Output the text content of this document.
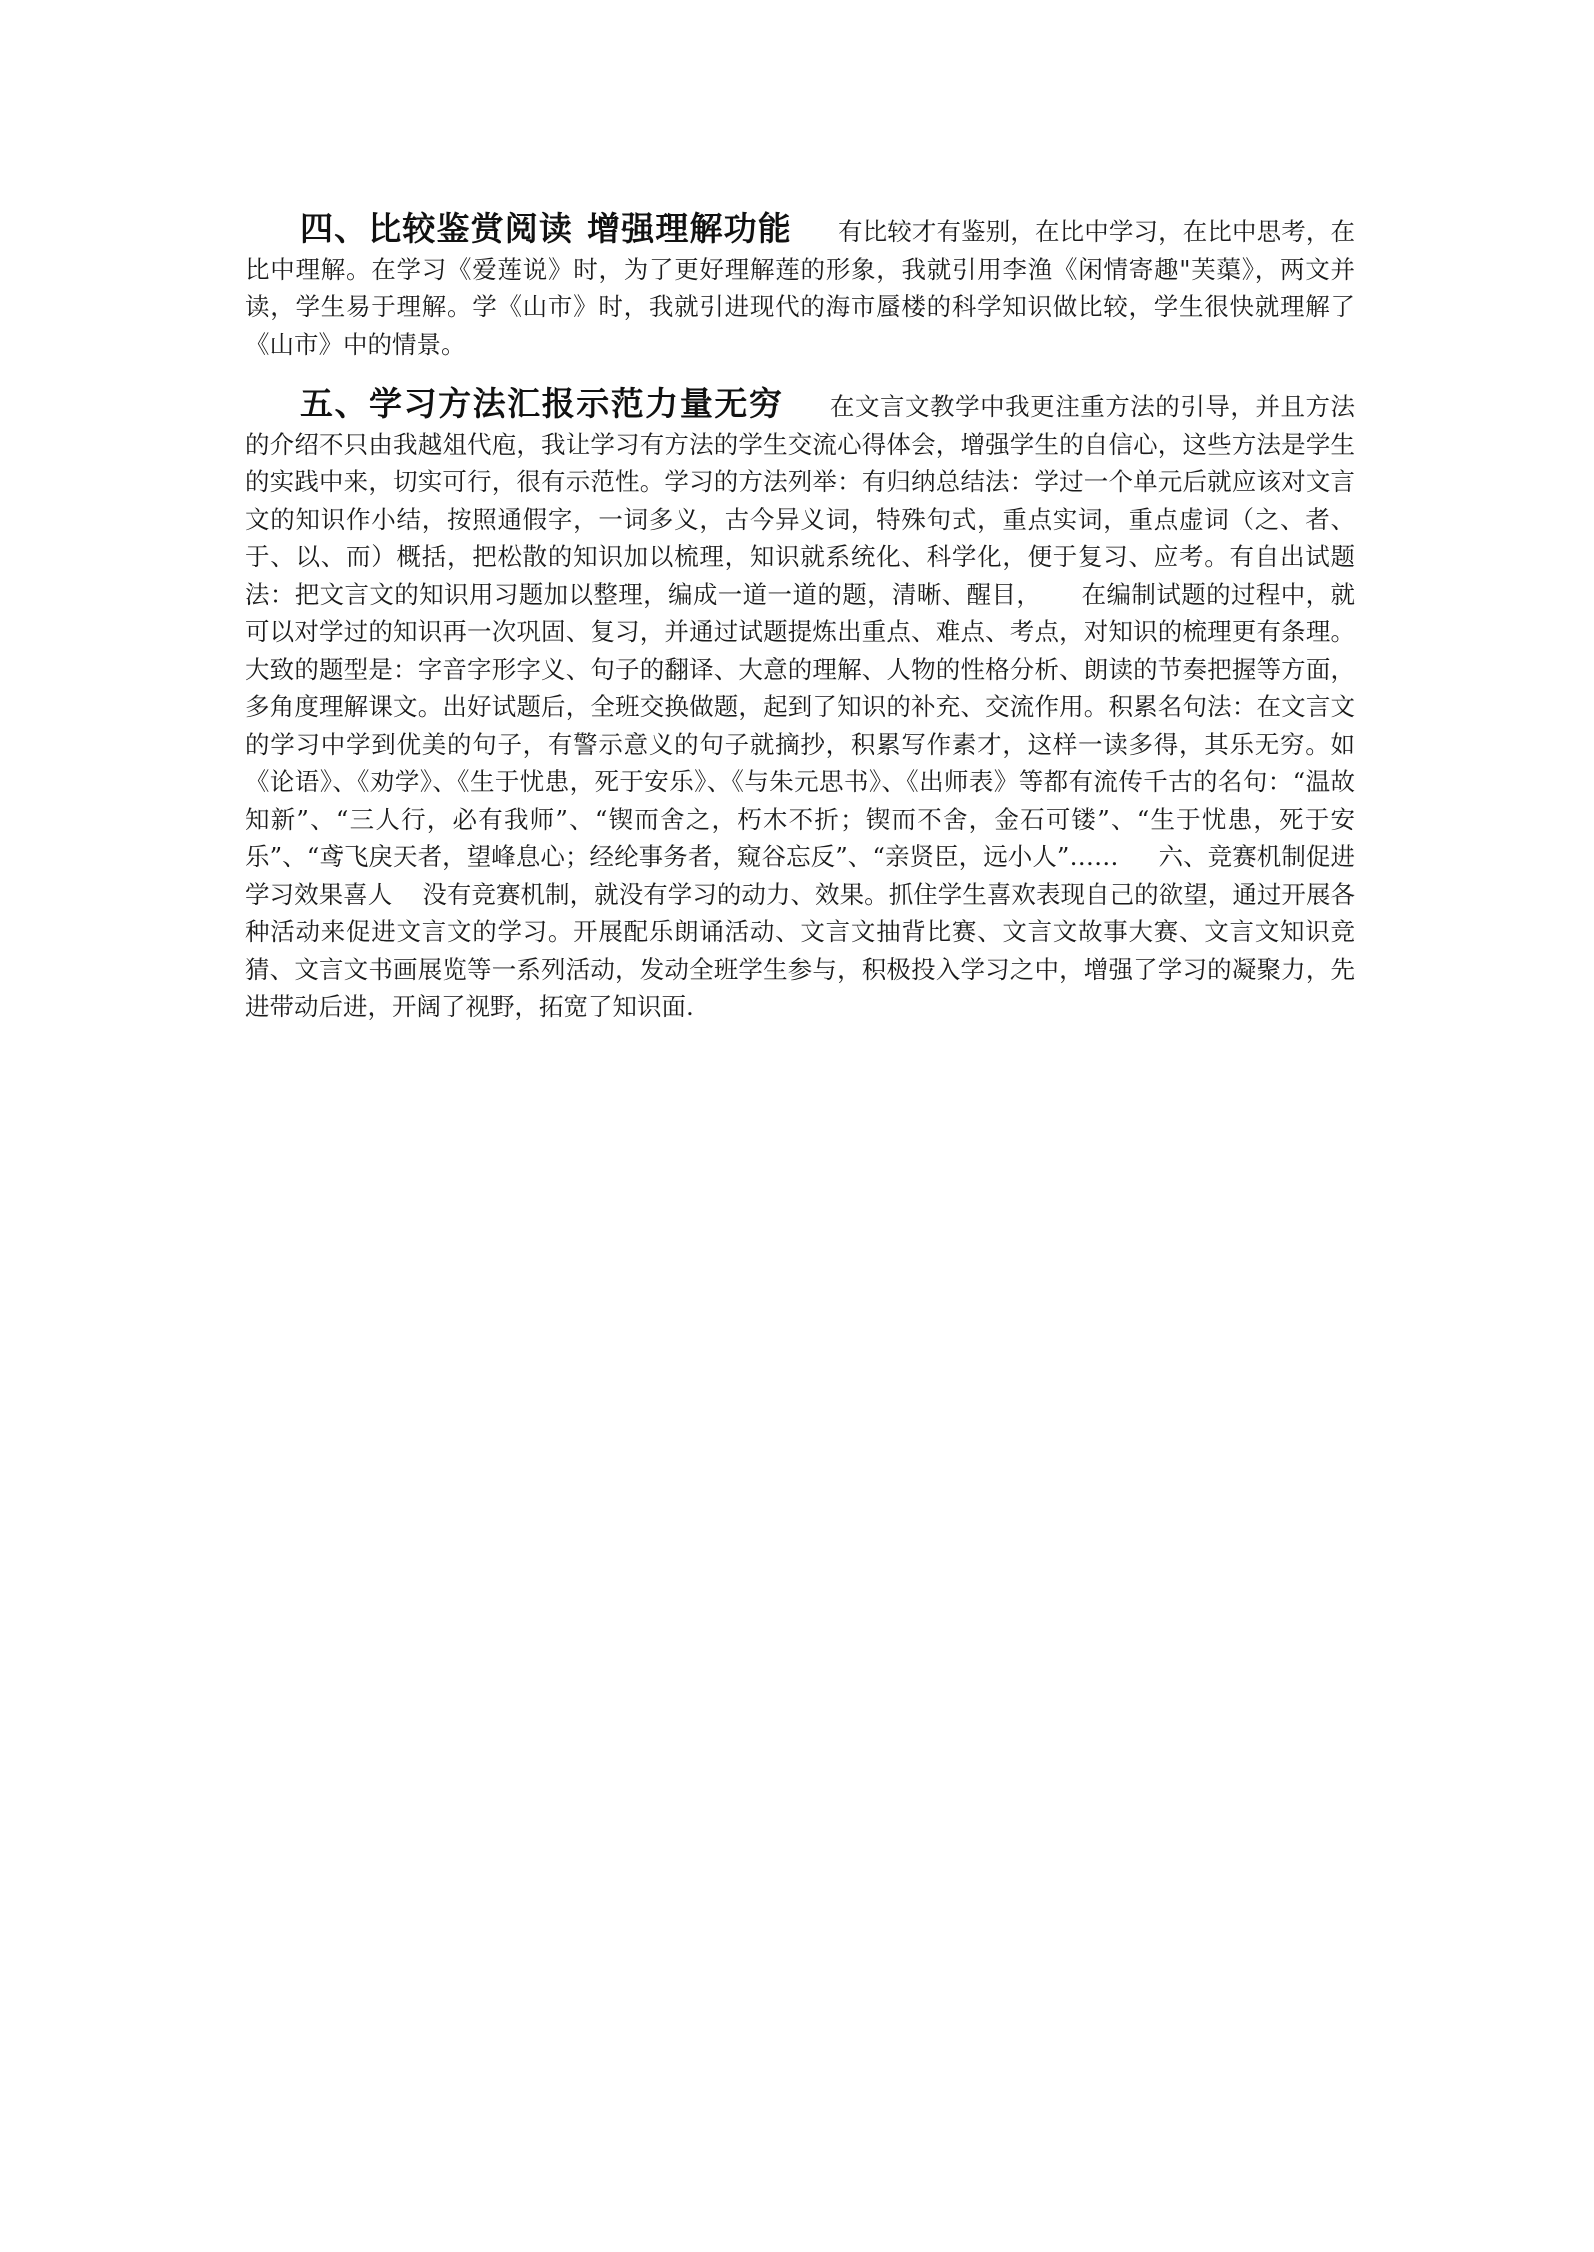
四、比较鉴赏阅读 增强理解功能 有比较才有鉴别，在比中学习，在比中思考，在比中理解。在学习《爱莲说》时，为了更好理解莲的形象，我就引用李渔《闲情寄趣"芙蕖》，两文并读，学生易于理解。学《山市》时，我就引进现代的海市蜃楼的科学知识做比较，学生很快就理解了《山市》中的情景。

五、学习方法汇报示范力量无穷 在文言文教学中我更注重方法的引导，并且方法的介绍不只由我越俎代庖，我让学习有方法的学生交流心得体会，增强学生的自信心，这些方法是学生的实践中来，切实可行，很有示范性。学习的方法列举：有归纳总结法：学过一个单元后就应该对文言文的知识作小结，按照通假字，一词多义，古今异义词，特殊句式，重点实词，重点虚词（之、者、于、以、而）概括，把松散的知识加以梳理，知识就系统化、科学化，便于复习、应考。有自出试题法：把文言文的知识用习题加以整理，编成一道一道的题，清晰、醒目， 在编制试题的过程中，就可以对学过的知识再一次巩固、复习，并通过试题提炼出重点、难点、考点，对知识的梳理更有条理。大致的题型是：字音字形字义、句子的翻译、大意的理解、人物的性格分析、朗读的节奏把握等方面，多角度理解课文。出好试题后，全班交换做题，起到了知识的补充、交流作用。积累名句法：在文言文的学习中学到优美的句子，有警示意义的句子就摘抄，积累写作素才，这样一读多得，其乐无穷。如《论语》、《劝学》、《生于忧患，死于安乐》、《与朱元思书》、《出师表》等都有流传千古的名句：“温故知新”、“三人行，必有我师”、“锲而舍之，朽木不折；锲而不舍，金石可镂”、“生于忧患，死于安乐”、“鸢飞戾天者，望峰息心；经纶事务者，窥谷忘反”、“亲贤臣，远小人”…… 六、竞赛机制促进学习效果喜人 没有竞赛机制，就没有学习的动力、效果。抓住学生喜欢表现自己的欲望，通过开展各种活动来促进文言文的学习。开展配乐朗诵活动、文言文抽背比赛、文言文故事大赛、文言文知识竞猜、文言文书画展览等一系列活动，发动全班学生参与，积极投入学习之中，增强了学习的凝聚力，先进带动后进，开阔了视野，拓宽了知识面.
